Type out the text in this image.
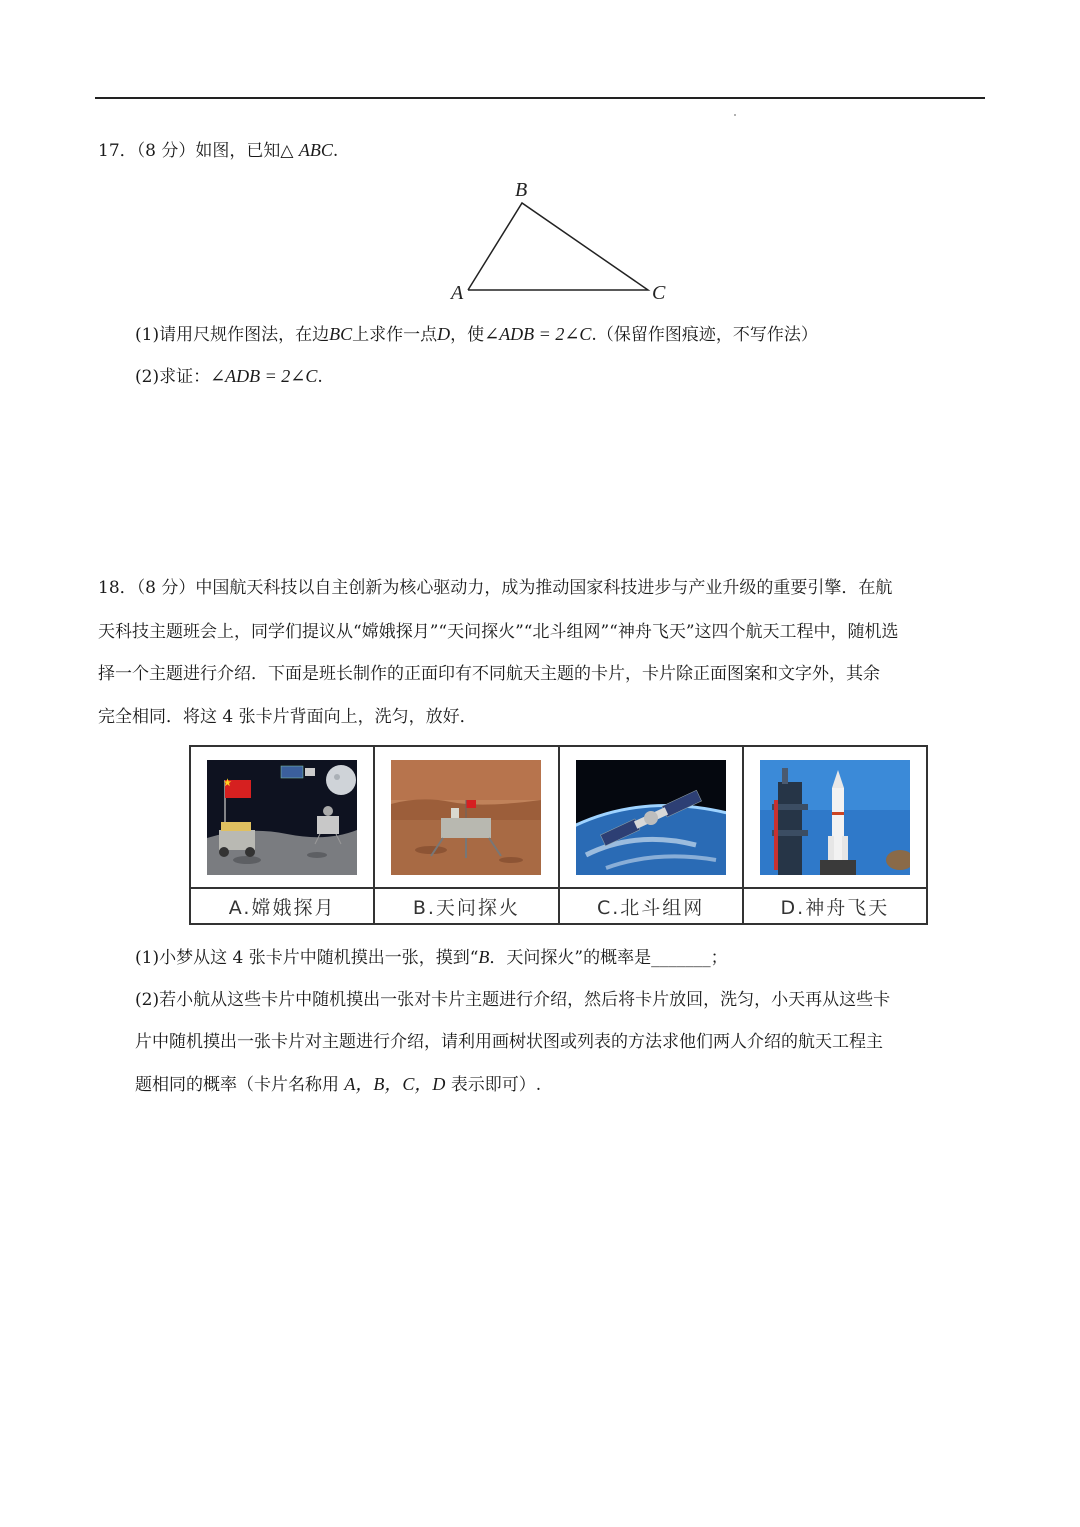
17．（8 分）如图，已知△ ABC.
B
A	C
(1)请用尺规作图法，在边BC上求作一点D，使∠ADB = 2∠C.（保留作图痕迹，不写作法）
(2)求证：∠ADB = 2∠C.
18．（8 分）中国航天科技以自主创新为核心驱动力，成为推动国家科技进步与产业升级的重要引擎．在航
天科技主题班会上，同学们提议从“嫦娥探月”“天问探火”“北斗组网”“神舟飞天”这四个航天工程中，随机选
择一个主题进行介绍．下面是班长制作的正面印有不同航天主题的卡片，卡片除正面图案和文字外，其余
完全相同．将这 4 张卡片背面向上，洗匀，放好．
A.嫦娥探月	B.天问探火	C.北斗组网	D.神舟飞天
(1)小梦从这 4 张卡片中随机摸出一张，摸到“B．天问探火”的概率是_______；
(2)若小航从这些卡片中随机摸出一张对卡片主题进行介绍，然后将卡片放回，洗匀，小天再从这些卡
片中随机摸出一张卡片对主题进行介绍，请利用画树状图或列表的方法求他们两人介绍的航天工程主
题相同的概率（卡片名称用 A，B，C，D 表示即可）.
